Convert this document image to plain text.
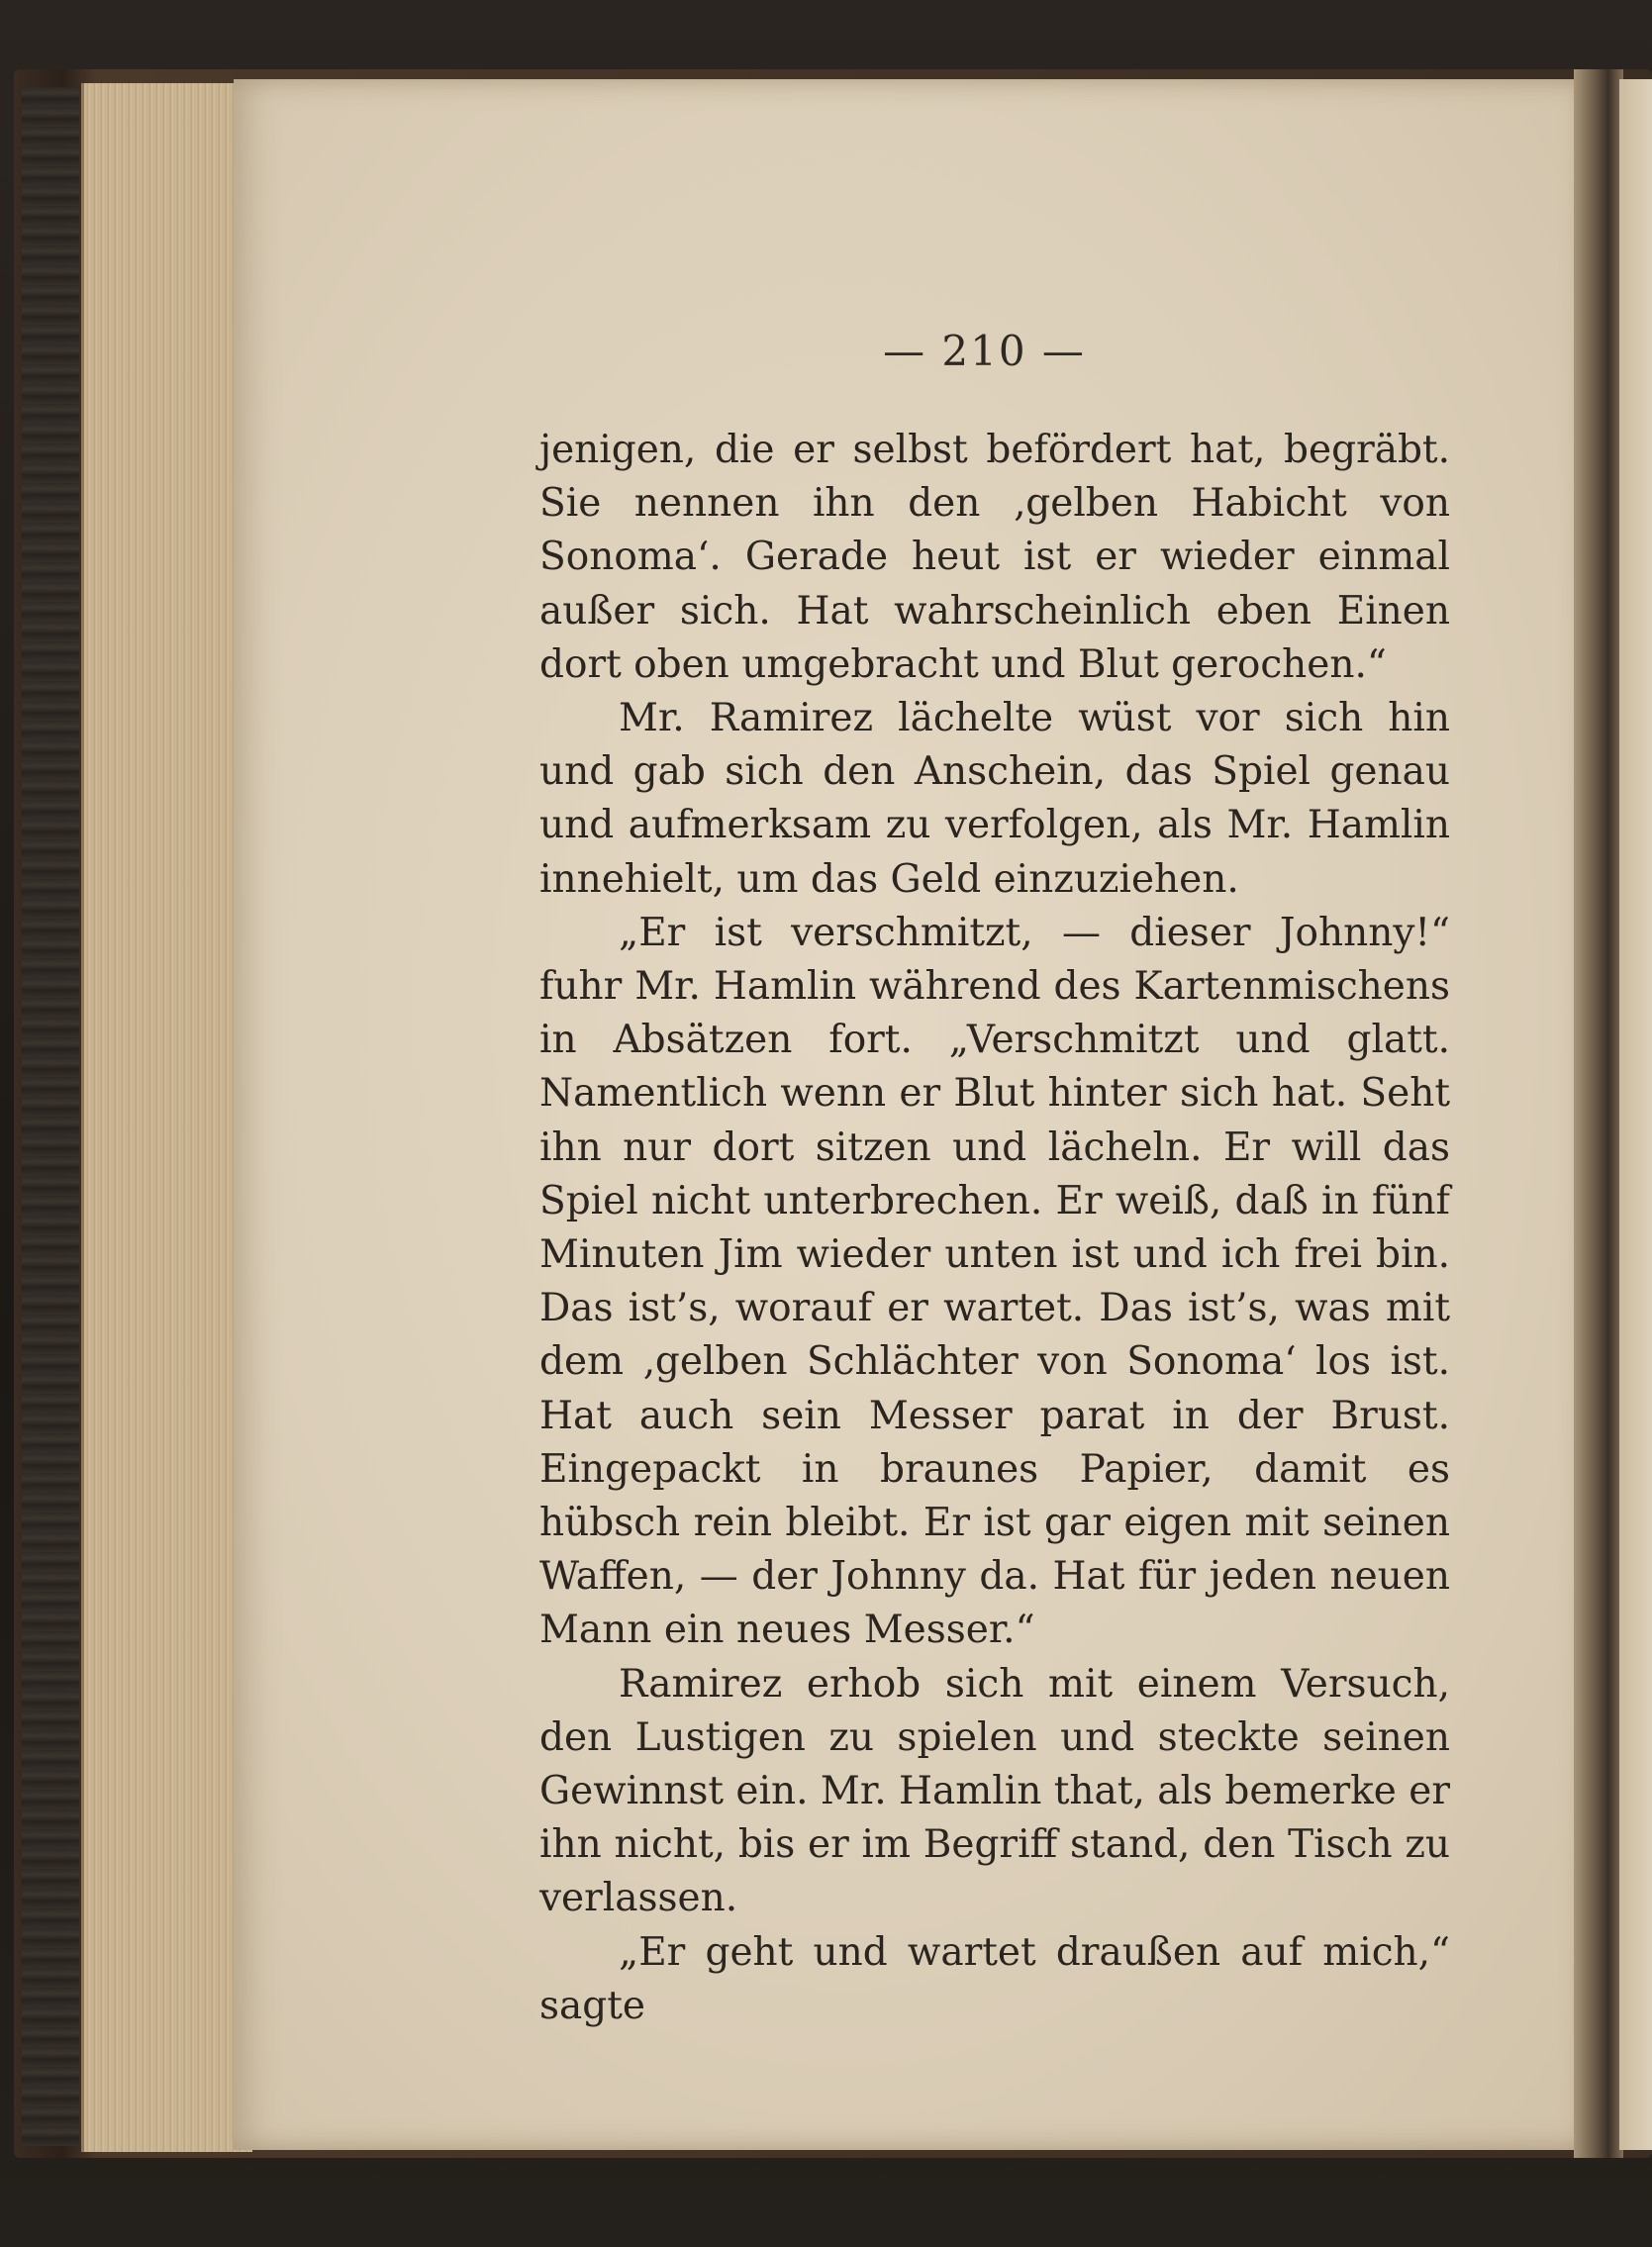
— 210 —

jenigen, die er selbst befördert hat, begräbt. Sie nennen ihn den ‚gelben Habicht von Sonoma‘. Gerade heut ist er wieder einmal außer sich. Hat wahrscheinlich eben Einen dort oben umgebracht und Blut gerochen.“

Mr. Ramirez lächelte wüst vor sich hin und gab sich den Anschein, das Spiel genau und aufmerksam zu verfolgen, als Mr. Hamlin innehielt, um das Geld einzuziehen.

„Er ist verschmitzt, — dieser Johnny!“ fuhr Mr. Hamlin während des Kartenmischens in Absätzen fort. „Verschmitzt und glatt. Namentlich wenn er Blut hinter sich hat. Seht ihn nur dort sitzen und lächeln. Er will das Spiel nicht unterbrechen. Er weiß, daß in fünf Minuten Jim wieder unten ist und ich frei bin. Das ist’s, worauf er wartet. Das ist’s, was mit dem ‚gelben Schlächter von Sonoma‘ los ist. Hat auch sein Messer parat in der Brust. Eingepackt in braunes Papier, damit es hübsch rein bleibt. Er ist gar eigen mit seinen Waffen, — der Johnny da. Hat für jeden neuen Mann ein neues Messer.“

Ramirez erhob sich mit einem Versuch, den Lustigen zu spielen und steckte seinen Gewinnst ein. Mr. Hamlin that, als bemerke er ihn nicht, bis er im Begriff stand, den Tisch zu verlassen.

„Er geht und wartet draußen auf mich,“ sagte
